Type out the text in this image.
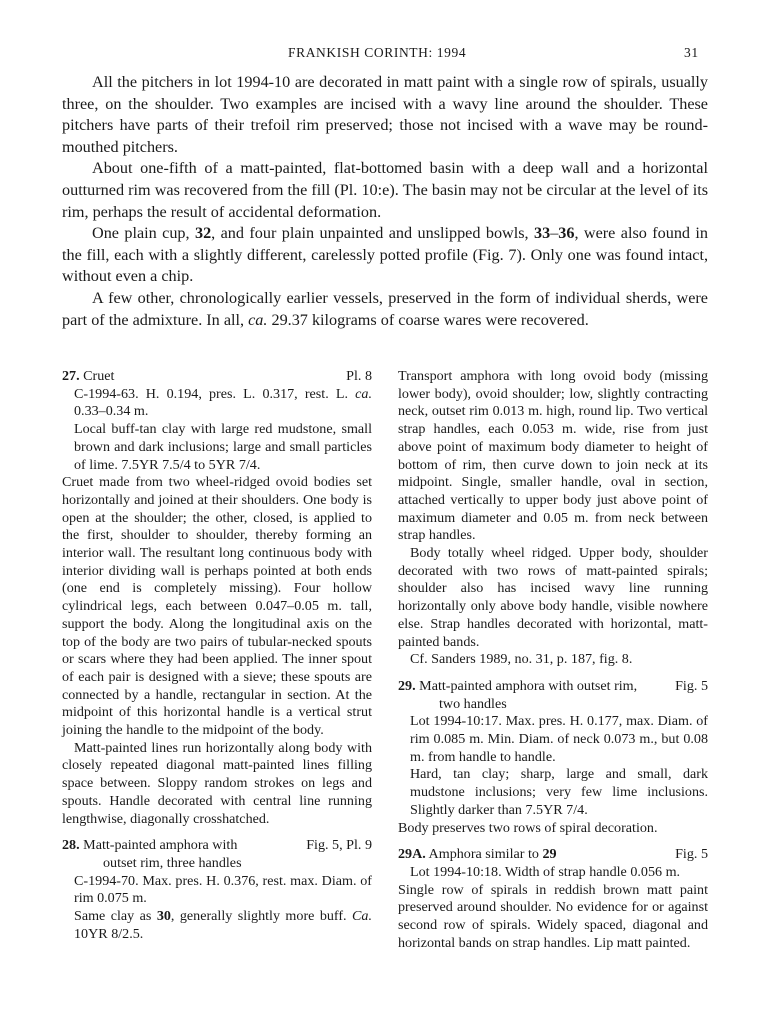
FRANKISH CORINTH: 1994	31

All the pitchers in lot 1994-10 are decorated in matt paint with a single row of spirals, usually three, on the shoulder. Two examples are incised with a wavy line around the shoulder. These pitchers have parts of their trefoil rim preserved; those not incised with a wave may be round-mouthed pitchers.

About one-fifth of a matt-painted, flat-bottomed basin with a deep wall and a horizontal outturned rim was recovered from the fill (Pl. 10:e). The basin may not be circular at the level of its rim, perhaps the result of accidental deformation.

One plain cup, 32, and four plain unpainted and unslipped bowls, 33–36, were also found in the fill, each with a slightly different, carelessly potted profile (Fig. 7). Only one was found intact, without even a chip.

A few other, chronologically earlier vessels, preserved in the form of individual sherds, were part of the admixture. In all, ca. 29.37 kilograms of coarse wares were recovered.

27. Cruet	Pl. 8

C-1994-63. H. 0.194, pres. L. 0.317, rest. L. ca. 0.33–0.34 m.

Local buff-tan clay with large red mudstone, small brown and dark inclusions; large and small particles of lime. 7.5YR 7.5/4 to 5YR 7/4.

Cruet made from two wheel-ridged ovoid bodies set horizontally and joined at their shoulders. One body is open at the shoulder; the other, closed, is applied to the first, shoulder to shoulder, thereby forming an interior wall. The resultant long continuous body with interior dividing wall is perhaps pointed at both ends (one end is completely missing). Four hollow cylindrical legs, each between 0.047–0.05 m. tall, support the body. Along the longitudinal axis on the top of the body are two pairs of tubular-necked spouts or scars where they had been applied. The inner spout of each pair is designed with a sieve; these spouts are connected by a handle, rectangular in section. At the midpoint of this horizontal handle is a vertical strut joining the handle to the midpoint of the body.

Matt-painted lines run horizontally along body with closely repeated diagonal matt-painted lines filling space between. Sloppy random strokes on legs and spouts. Handle decorated with central line running lengthwise, diagonally crosshatched.

28. Matt-painted amphora with	Fig. 5, Pl. 9
outset rim, three handles

C-1994-70. Max. pres. H. 0.376, rest. max. Diam. of rim 0.075 m.

Same clay as 30, generally slightly more buff. Ca. 10YR 8/2.5.

Transport amphora with long ovoid body (missing lower body), ovoid shoulder; low, slightly contracting neck, outset rim 0.013 m. high, round lip. Two vertical strap handles, each 0.053 m. wide, rise from just above point of maximum body diameter to height of bottom of rim, then curve down to join neck at its midpoint. Single, smaller handle, oval in section, attached vertically to upper body just above point of maximum diameter and 0.05 m. from neck between strap handles.

Body totally wheel ridged. Upper body, shoulder decorated with two rows of matt-painted spirals; shoulder also has incised wavy line running horizontally only above body handle, visible nowhere else. Strap handles decorated with horizontal, matt-painted bands.

Cf. Sanders 1989, no. 31, p. 187, fig. 8.

29. Matt-painted amphora with outset rim,	Fig. 5
two handles

Lot 1994-10:17. Max. pres. H. 0.177, max. Diam. of rim 0.085 m. Min. Diam. of neck 0.073 m., but 0.08 m. from handle to handle.

Hard, tan clay; sharp, large and small, dark mudstone inclusions; very few lime inclusions. Slightly darker than 7.5YR 7/4.

Body preserves two rows of spiral decoration.

29A. Amphora similar to 29	Fig. 5

Lot 1994-10:18. Width of strap handle 0.056 m.

Single row of spirals in reddish brown matt paint preserved around shoulder. No evidence for or against second row of spirals. Widely spaced, diagonal and horizontal bands on strap handles. Lip matt painted.
